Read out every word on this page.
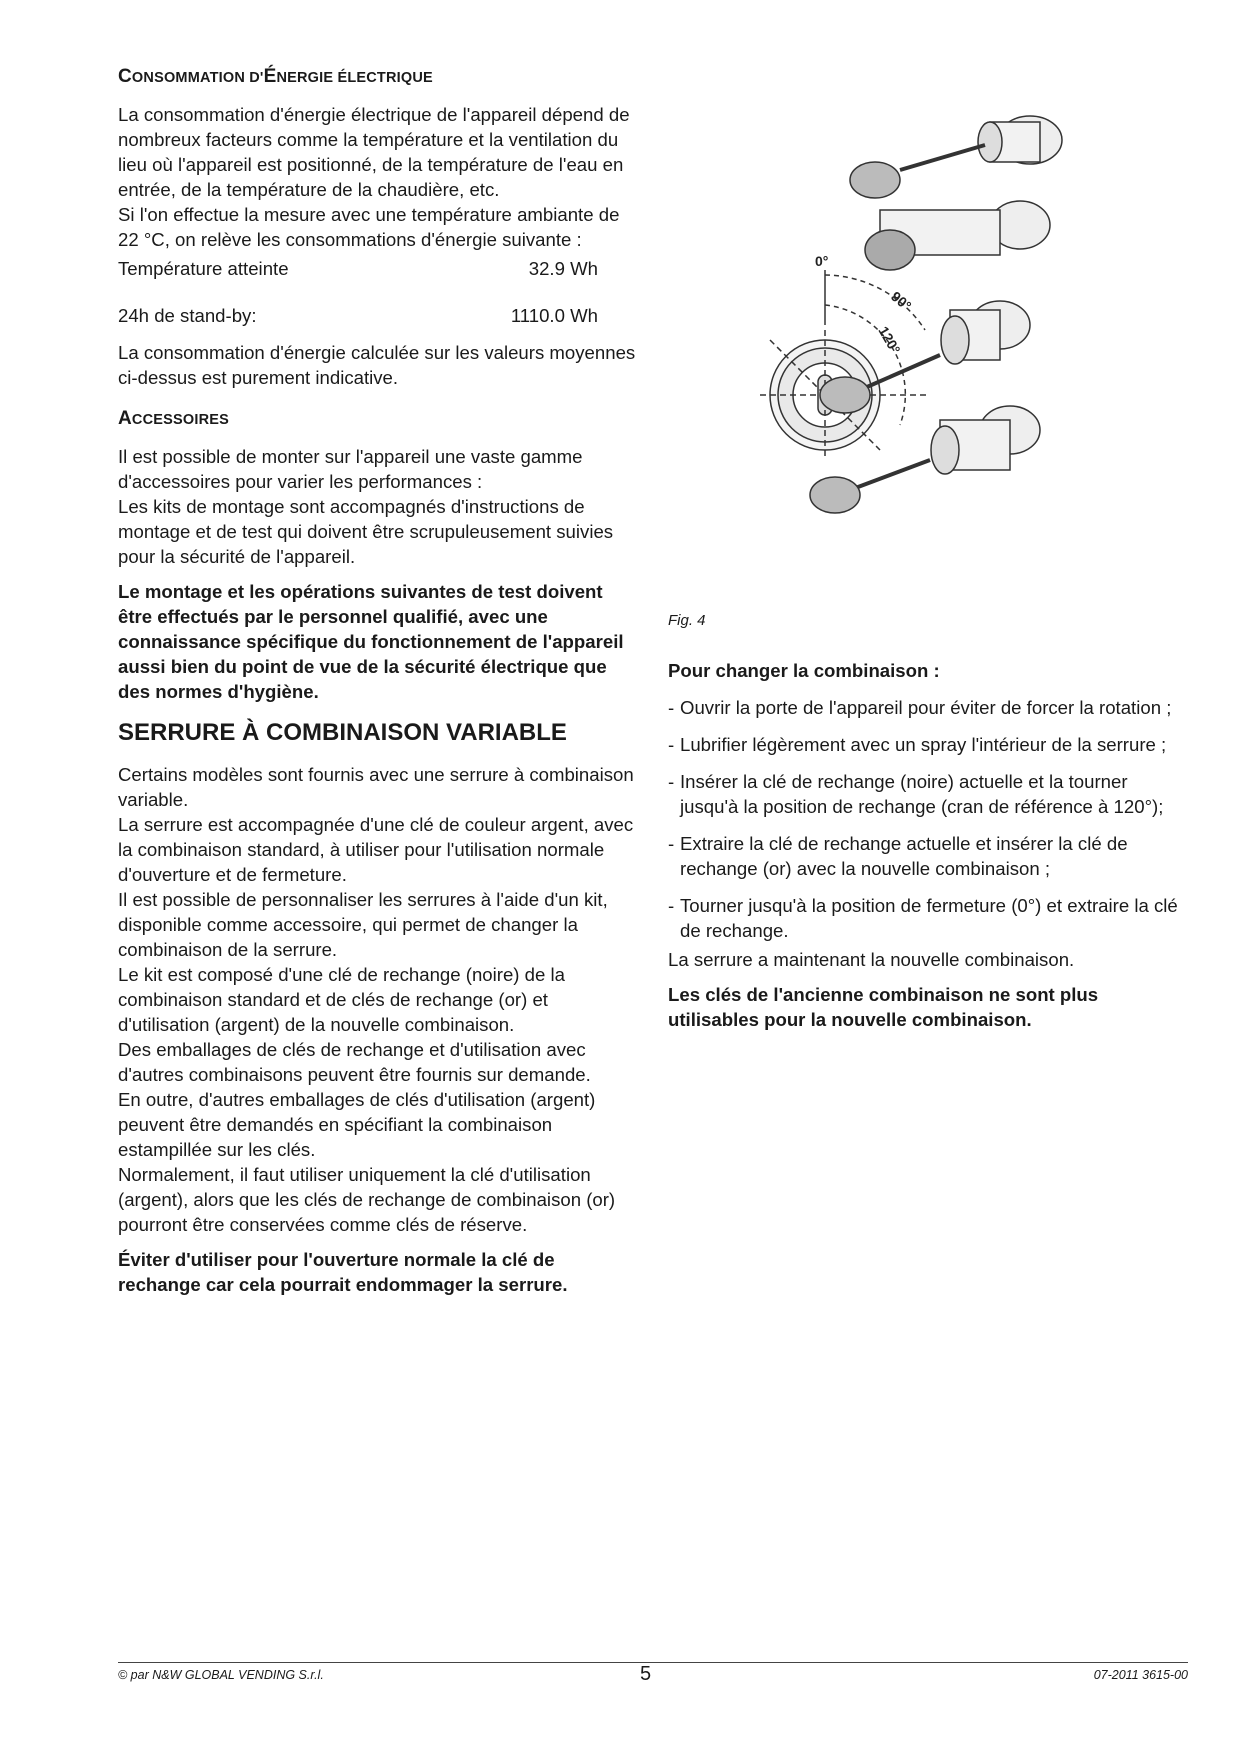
CONSOMMATION D'ÉNERGIE ÉLECTRIQUE

La consommation d'énergie électrique de l'appareil dépend de nombreux facteurs comme la température et la ventilation du lieu où l'appareil est positionné, de la température de l'eau en entrée, de la température de la chaudière, etc.

Si l'on effectue la mesure avec une température ambiante de 22 °C, on relève les consommations d'énergie suivante :

Température atteinte	32.9 Wh

24h de stand-by:	1110.0 Wh

La consommation d'énergie calculée sur les valeurs moyennes ci-dessus est purement indicative.

ACCESSOIRES

Il est possible de monter sur l'appareil une vaste gamme d'accessoires pour varier les performances :

Les kits de montage sont accompagnés d'instructions de montage et de test qui doivent être scrupuleusement suivies pour la sécurité de l'appareil.

Le montage et les opérations suivantes de test doivent être effectués par le personnel qualifié, avec une connaissance spécifique du fonctionnement de l'appareil aussi bien du point de vue de la sécurité électrique que des normes d'hygiène.

SERRURE À COMBINAISON VARIABLE

Certains modèles sont fournis avec une serrure à combinaison variable.

La serrure est accompagnée d'une clé de couleur argent, avec la combinaison standard, à utiliser pour l'utilisation normale d'ouverture et de fermeture.

Il est possible de personnaliser les serrures à l'aide d'un kit, disponible comme accessoire, qui permet de changer la combinaison de la serrure.

Le kit est composé d'une clé de rechange (noire) de la combinaison standard et de clés de rechange (or) et d'utilisation (argent) de la nouvelle combinaison.

Des emballages de clés de rechange et d'utilisation avec d'autres combinaisons peuvent être fournis sur demande.

En outre, d'autres emballages de clés d'utilisation (argent) peuvent être demandés en spécifiant la combinaison estampillée sur les clés.

Normalement, il faut utiliser uniquement la clé d'utilisation (argent), alors que les clés de rechange de combinaison (or) pourront être conservées comme clés de réserve.

Éviter d'utiliser pour l'ouverture normale la clé de rechange car cela pourrait endommager la serrure.

0°
90°
120°
Fig. 4

Pour changer la combinaison :

- Ouvrir la porte de l'appareil pour éviter de forcer la rotation ;

- Lubrifier légèrement avec un spray l'intérieur de la serrure ;

- Insérer la clé de rechange (noire) actuelle et la tourner jusqu'à la position de rechange (cran de référence à 120°);

- Extraire la clé de rechange actuelle et insérer la clé de rechange (or) avec la nouvelle combinaison ;

- Tourner jusqu'à la position de fermeture (0°) et extraire la clé de rechange.

La serrure a maintenant la nouvelle combinaison.

Les clés de l'ancienne combinaison ne sont plus utilisables pour la nouvelle combinaison.

© par N&W GLOBAL VENDING S.r.l.	5	07-2011 3615-00
